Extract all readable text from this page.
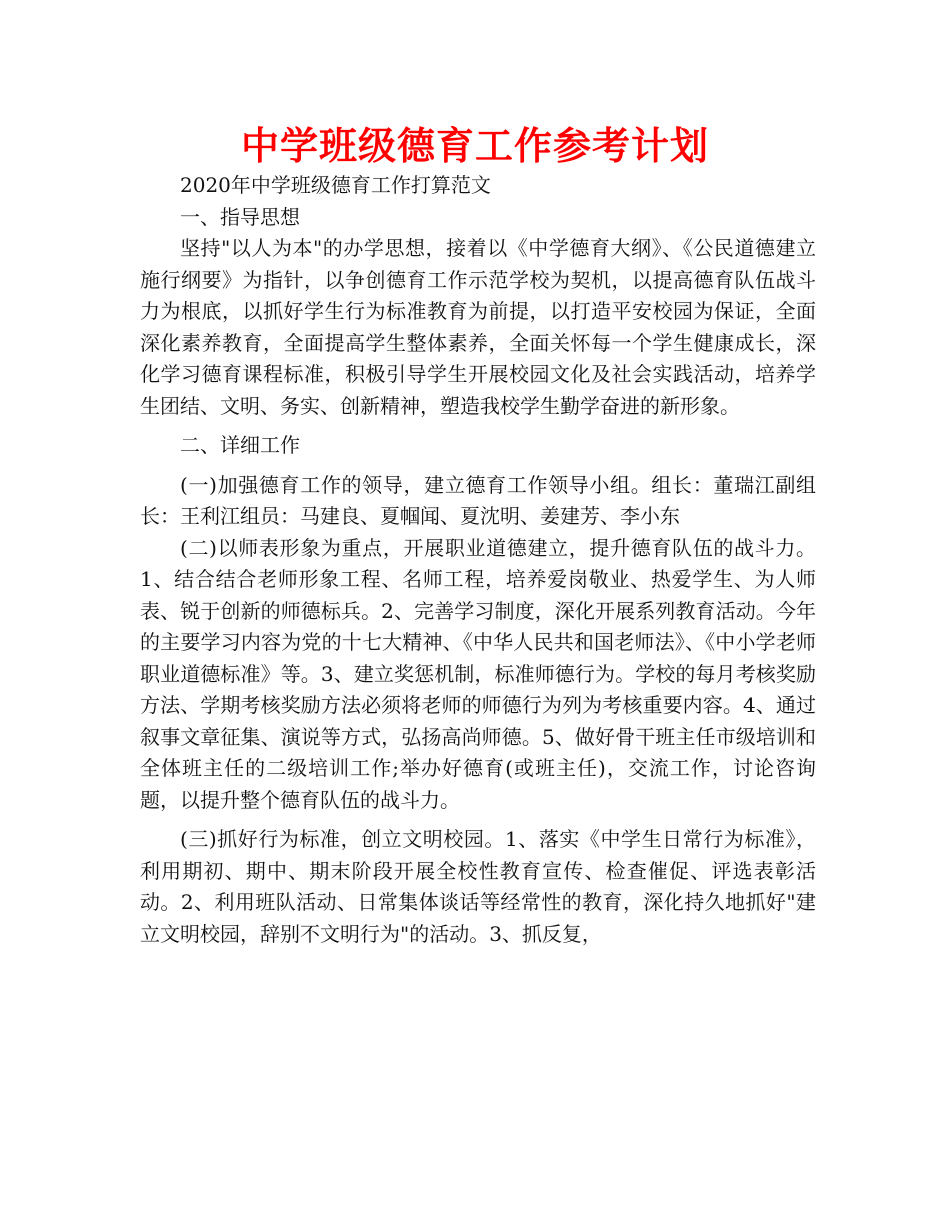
中学班级德育工作参考计划

2020年中学班级德育工作打算范文

一、指导思想

坚持"以人为本"的办学思想，接着以《中学德育大纲》、《公民道德建立施行纲要》为指针，以争创德育工作示范学校为契机，以提高德育队伍战斗力为根底，以抓好学生行为标准教育为前提，以打造平安校园为保证，全面深化素养教育，全面提高学生整体素养，全面关怀每一个学生健康成长，深化学习德育课程标准，积极引导学生开展校园文化及社会实践活动，培养学生团结、文明、务实、创新精神，塑造我校学生勤学奋进的新形象。

二、详细工作

(一)加强德育工作的领导，建立德育工作领导小组。组长：董瑞江副组长：王利江组员：马建良、夏帼闻、夏沈明、姜建芳、李小东

(二)以师表形象为重点，开展职业道德建立，提升德育队伍的战斗力。1、结合结合老师形象工程、名师工程，培养爱岗敬业、热爱学生、为人师表、锐于创新的师德标兵。2、完善学习制度，深化开展系列教育活动。今年的主要学习内容为党的十七大精神、《中华人民共和国老师法》、《中小学老师职业道德标准》等。3、建立奖惩机制，标准师德行为。学校的每月考核奖励方法、学期考核奖励方法必须将老师的师德行为列为考核重要内容。4、通过叙事文章征集、演说等方式，弘扬高尚师德。5、做好骨干班主任市级培训和全体班主任的二级培训工作;举办好德育(或班主任)，交流工作，讨论咨询题，以提升整个德育队伍的战斗力。

(三)抓好行为标准，创立文明校园。1、落实《中学生日常行为标准》，利用期初、期中、期末阶段开展全校性教育宣传、检查催促、评选表彰活动。2、利用班队活动、日常集体谈话等经常性的教育，深化持久地抓好"建立文明校园，辞别不文明行为"的活动。3、抓反复，
